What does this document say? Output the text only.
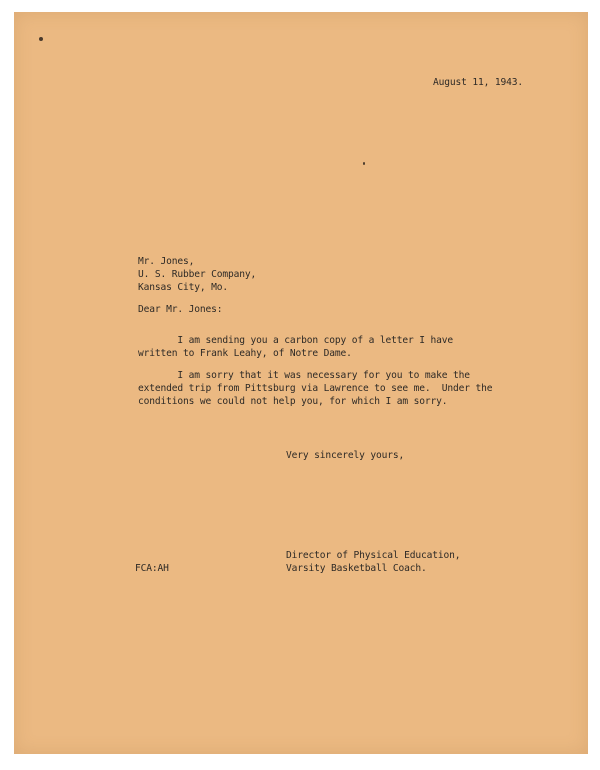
August 11, 1943.
Mr. Jones,
U. S. Rubber Company,
Kansas City, Mo.
Dear Mr. Jones:
I am sending you a carbon copy of a letter I have
written to Frank Leahy, of Notre Dame.
I am sorry that it was necessary for you to make the
extended trip from Pittsburg via Lawrence to see me.  Under the
conditions we could not help you, for which I am sorry.
Very sincerely yours,
Director of Physical Education,
Varsity Basketball Coach.
FCA:AH
